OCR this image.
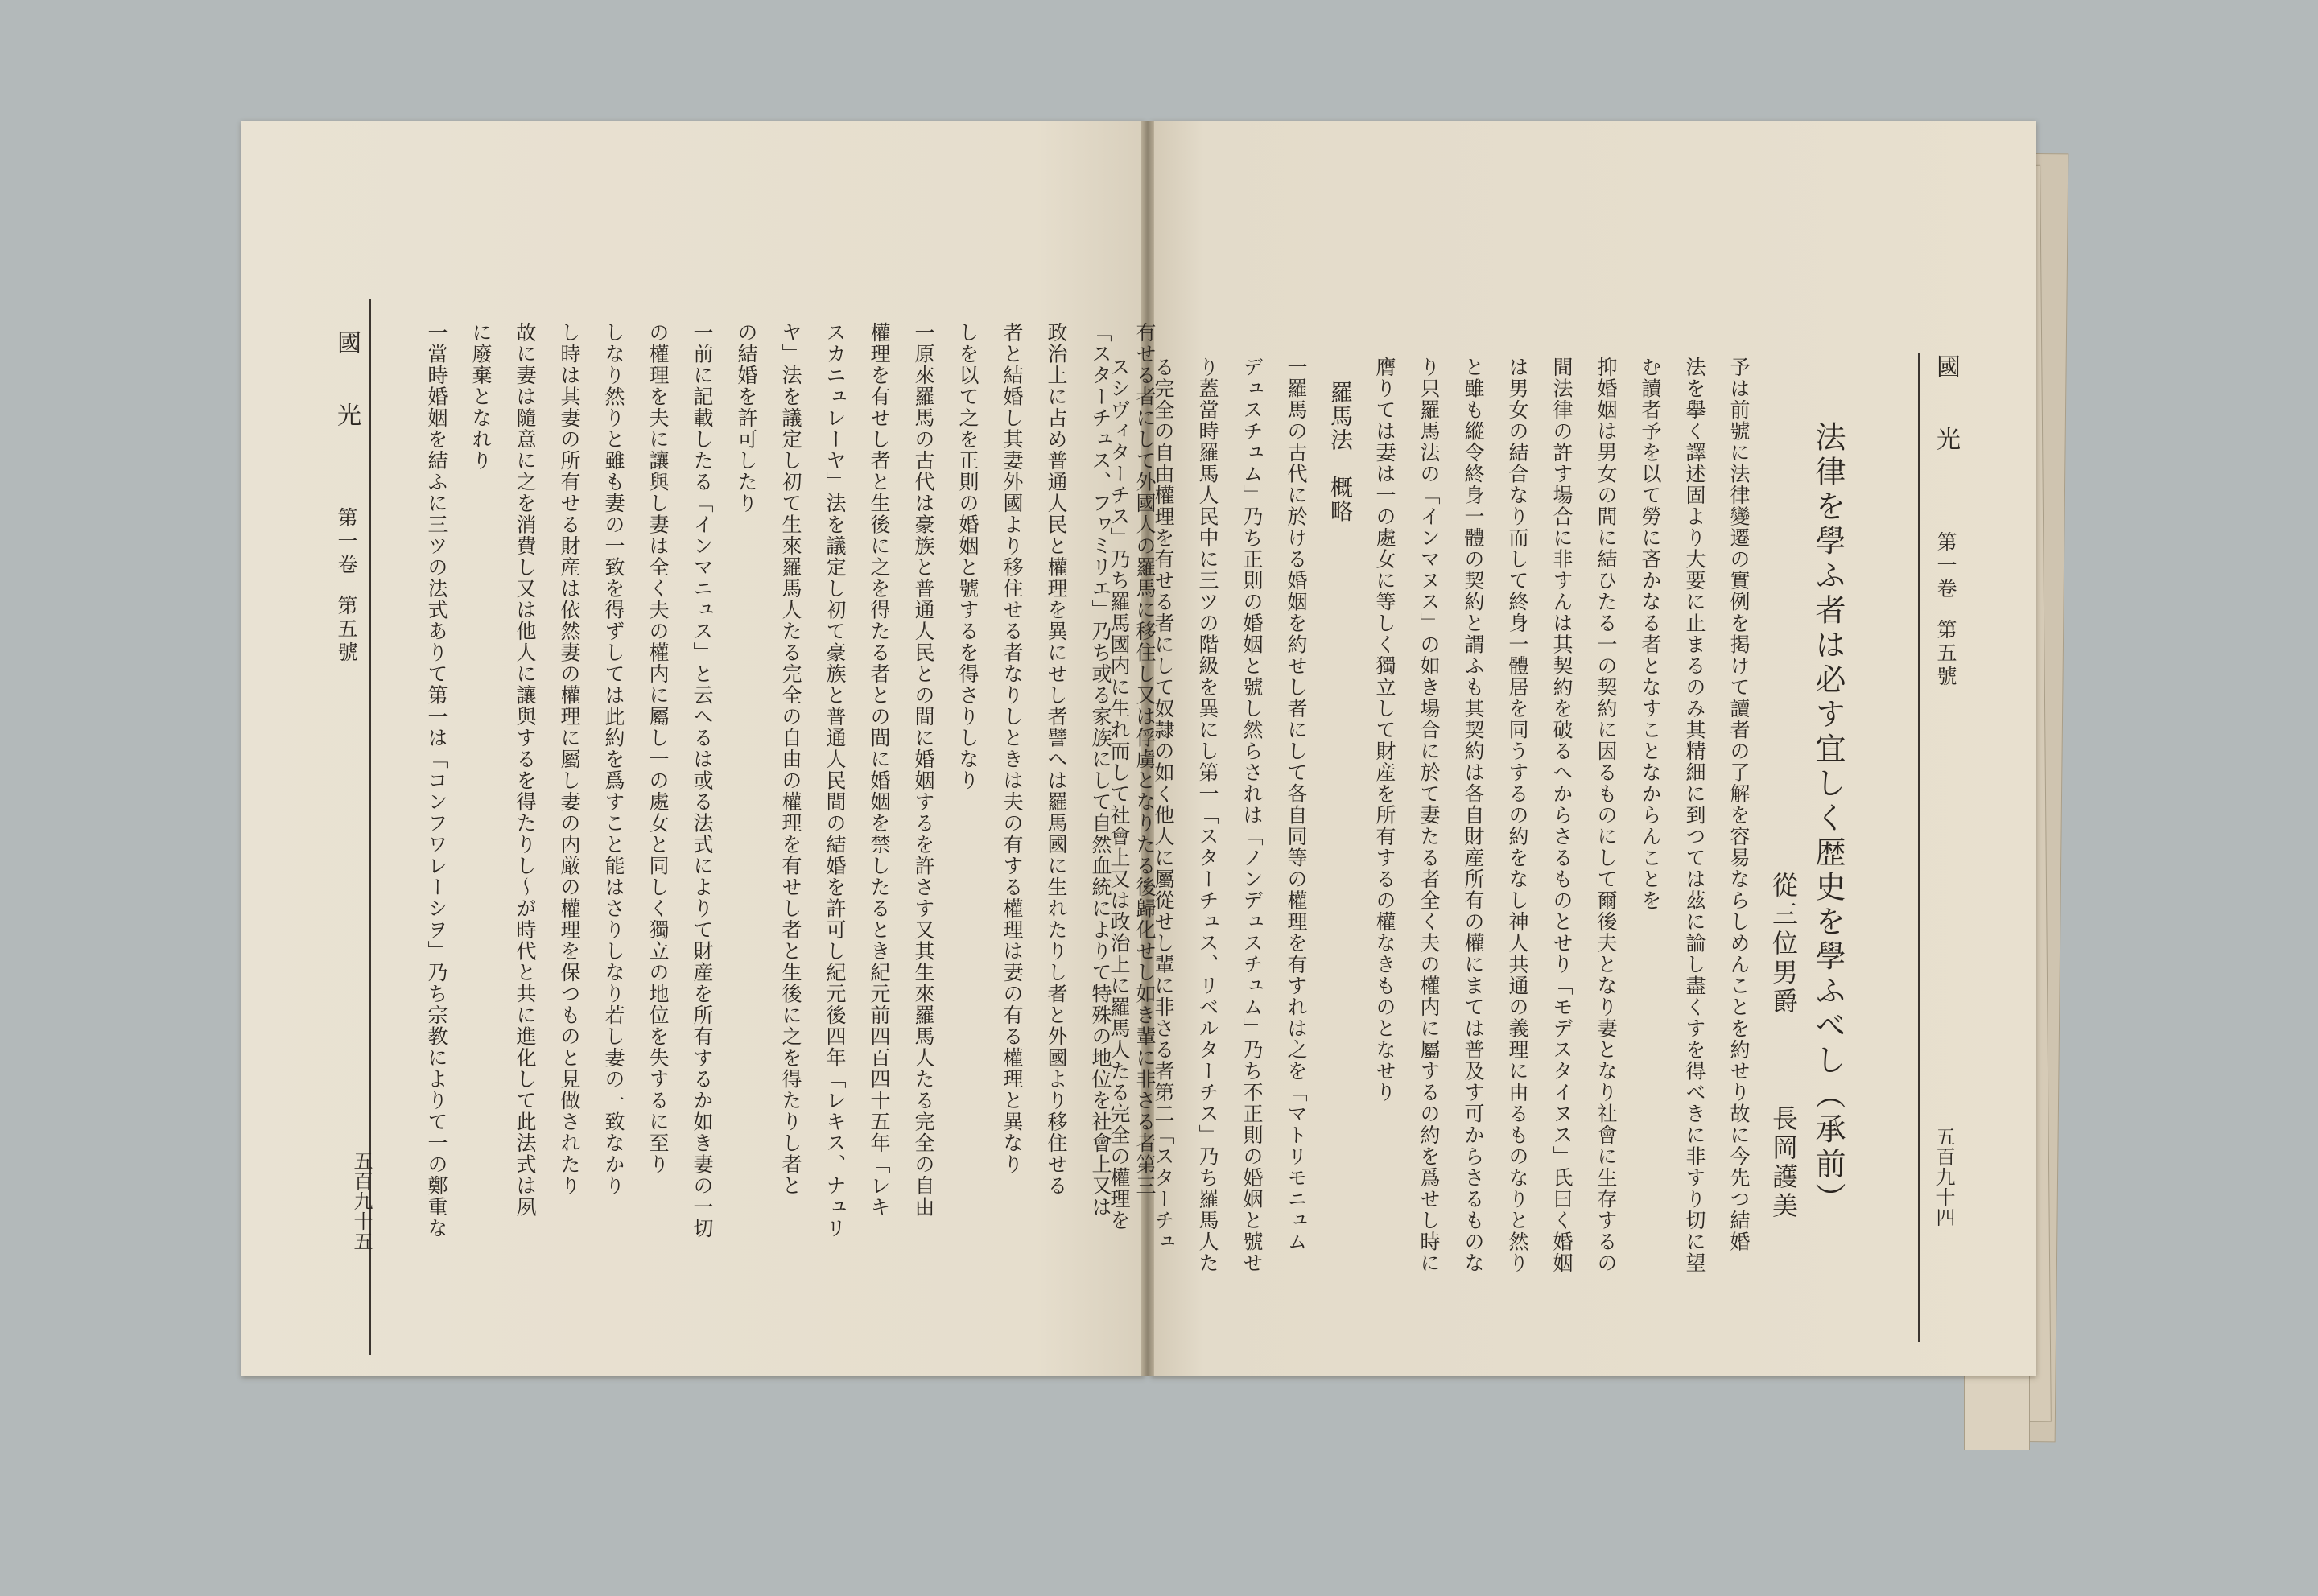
國光第一卷第五號
五百九十四

法律を學ふ者は必す宜しく歴史を學ふべし（承前）

從三位男爵長岡護美

予は前號に法律變遷の實例を掲けて讀者の了解を容易ならしめんことを約せり故に今先つ結婚

法を擧く譯述固より大要に止まるのみ其精細に到つては茲に論し盡くすを得べきに非すり切に望

む讀者予を以て勞に吝かなる者となすことなからんことを

抑婚姻は男女の間に結ひたる一の契約に因るものにして爾後夫となり妻となり社會に生存するの

間法律の許す場合に非すんは其契約を破るへからさるものとせり「モデスタイヌス」氏曰く婚姻

は男女の結合なり而して終身一體居を同うするの約をなし神人共通の義理に由るものなりと然り

と雖も縱令終身一體の契約と謂ふも其契約は各自財産所有の權にまては普及す可からさるものな

り只羅馬法の「インマヌス」の如き場合に於て妻たる者全く夫の權内に屬するの約を爲せし時に

膺りては妻は一の處女に等しく獨立して財産を所有するの權なきものとなせり

羅馬法　概略

一羅馬の古代に於ける婚姻を約せし者にして各自同等の權理を有すれは之を「マトリモニュム

デュスチュム」乃ち正則の婚姻と號し然らされは「ノンデュスチュム」乃ち不正則の婚姻と號せ

り蓋當時羅馬人民中に三ツの階級を異にし第一「スターチュス、リベルターチス」乃ち羅馬人た

る完全の自由權理を有せる者にして奴隷の如く他人に屬從せし輩に非さる者第二「スターチュ

スシヴィターチス」乃ち羅馬國内に生れ而して社會上又は政治上に羅馬人たる完全の權理を

國光第一卷第五號
五百九十五

有せる者にして外國人の羅馬に移住し又は俘虜となりたる後歸化せし如き輩に非さる者第三

「スターチュス、フヮミリエ」乃ち或る家族にして自然血統によりて特殊の地位を社會上又は

政治上に占め普通人民と權理を異にせし者譬へは羅馬國に生れたりし者と外國より移住せる

者と結婚し其妻外國より移住せる者なりしときは夫の有する權理は妻の有る權理と異なり

しを以て之を正則の婚姻と號するを得さりしなり

一原來羅馬の古代は豪族と普通人民との間に婚姻するを許さす又其生來羅馬人たる完全の自由

權理を有せし者と生後に之を得たる者との間に婚姻を禁したるとき紀元前四百四十五年「レキ

スカニュレーヤ」法を議定し初て豪族と普通人民間の結婚を許可し紀元後四年「レキス、ナュリ

ヤ」法を議定し初て生來羅馬人たる完全の自由の權理を有せし者と生後に之を得たりし者と

の結婚を許可したり

一前に記載したる「インマニュス」と云へるは或る法式によりて財産を所有するか如き妻の一切

の權理を夫に讓與し妻は全く夫の權内に屬し一の處女と同しく獨立の地位を失するに至り

しなり然りと雖も妻の一致を得ずしては此約を爲すこと能はさりしなり若し妻の一致なかり

し時は其妻の所有せる財産は依然妻の權理に屬し妻の内厳の權理を保つものと見做されたり

故に妻は隨意に之を消費し又は他人に讓與するを得たりし〜が時代と共に進化して此法式は夙

に廢棄となれり

一當時婚姻を結ふに三ツの法式ありて第一は「コンフワレーシヲ」乃ち宗教によりて一の鄭重な
